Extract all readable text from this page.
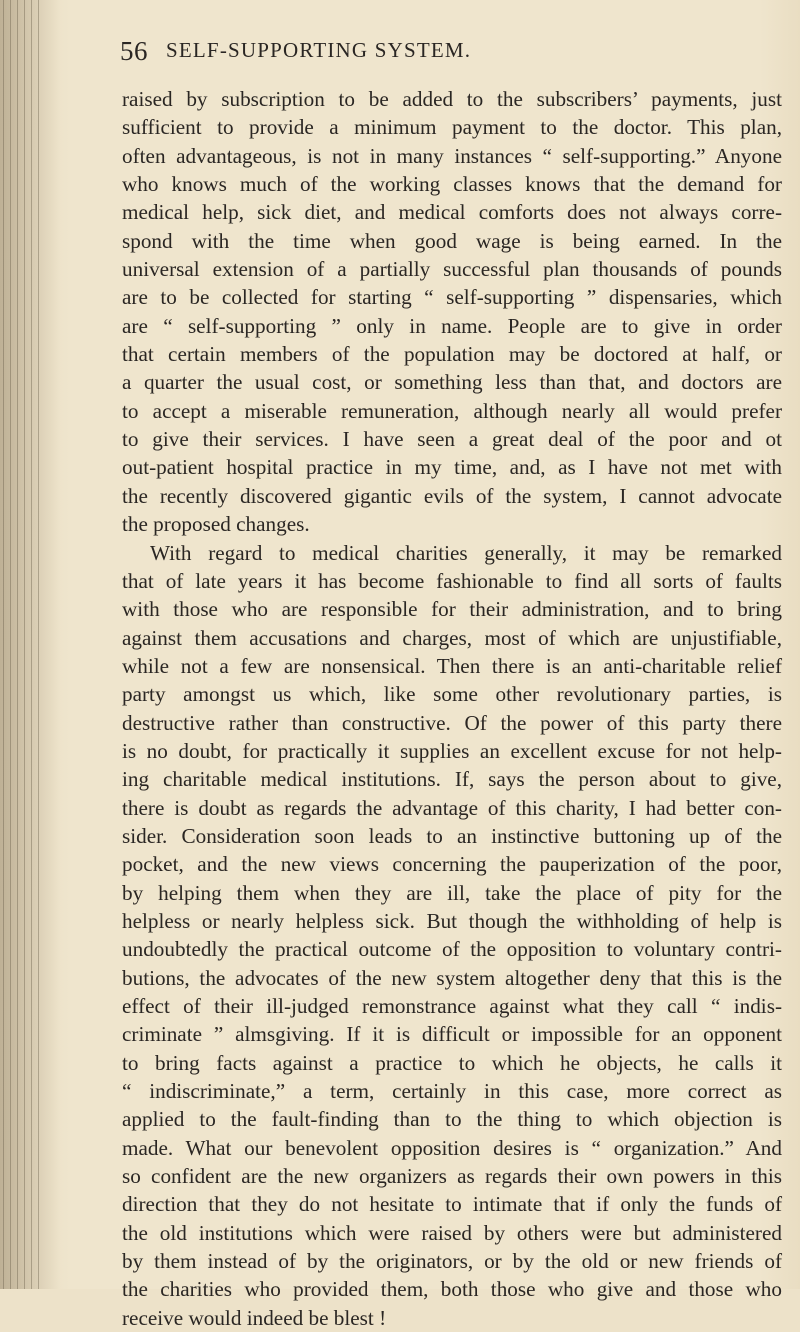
56 SELF-SUPPORTING SYSTEM.
raised by subscription to be added to the subscribers’ payments, just
sufficient to provide a minimum payment to the doctor. This plan,
often advantageous, is not in many instances “ self-supporting.” Anyone
who knows much of the working classes knows that the demand for
medical help, sick diet, and medical comforts does not always corre-
spond with the time when good wage is being earned. In the
universal extension of a partially successful plan thousands of pounds
are to be collected for starting “ self-supporting ” dispensaries, which
are “ self-supporting ” only in name. People are to give in order
that certain members of the population may be doctored at half, or
a quarter the usual cost, or something less than that, and doctors are
to accept a miserable remuneration, although nearly all would prefer
to give their services. I have seen a great deal of the poor and ot
out-patient hospital practice in my time, and, as I have not met with
the recently discovered gigantic evils of the system, I cannot advocate
the proposed changes.
With regard to medical charities generally, it may be remarked
that of late years it has become fashionable to find all sorts of faults
with those who are responsible for their administration, and to bring
against them accusations and charges, most of which are unjustifiable,
while not a few are nonsensical. Then there is an anti-charitable relief
party amongst us which, like some other revolutionary parties, is
destructive rather than constructive. Of the power of this party there
is no doubt, for practically it supplies an excellent excuse for not help-
ing charitable medical institutions. If, says the person about to give,
there is doubt as regards the advantage of this charity, I had better con-
sider. Consideration soon leads to an instinctive buttoning up of the
pocket, and the new views concerning the pauperization of the poor,
by helping them when they are ill, take the place of pity for the
helpless or nearly helpless sick. But though the withholding of help is
undoubtedly the practical outcome of the opposition to voluntary contri-
butions, the advocates of the new system altogether deny that this is the
effect of their ill-judged remonstrance against what they call “ indis-
criminate ” almsgiving. If it is difficult or impossible for an opponent
to bring facts against a practice to which he objects, he calls it
“ indiscriminate,” a term, certainly in this case, more correct as
applied to the fault-finding than to the thing to which objection is
made. What our benevolent opposition desires is “ organization.” And
so confident are the new organizers as regards their own powers in this
direction that they do not hesitate to intimate that if only the funds of
the old institutions which were raised by others were but administered
by them instead of by the originators, or by the old or new friends of
the charities who provided them, both those who give and those who
receive would indeed be blest !
